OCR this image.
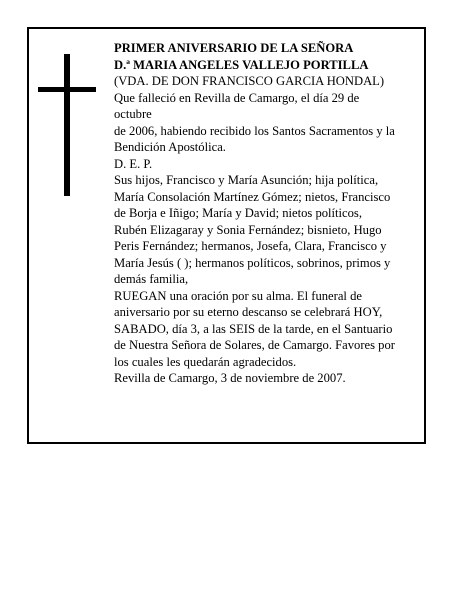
PRIMER ANIVERSARIO DE LA SEÑORA
D.ª MARIA ANGELES VALLEJO PORTILLA
(VDA. DE DON FRANCISCO GARCIA HONDAL)
Que falleció en Revilla de Camargo, el día 29 de
octubre
de 2006, habiendo recibido los Santos Sacramentos y la
Bendición Apostólica.
D. E. P.
Sus hijos, Francisco y María Asunción; hija política,
María Consolación Martínez Gómez; nietos, Francisco
de Borja e Iñigo; María y David; nietos políticos,
Rubén Elizagaray y Sonia Fernández; bisnieto, Hugo
Peris Fernández; hermanos, Josefa, Clara, Francisco y
María Jesús ( ); hermanos políticos, sobrinos, primos y
demás familia,
RUEGAN una oración por su alma. El funeral de
aniversario por su eterno descanso se celebrará HOY,
SABADO, día 3, a las SEIS de la tarde, en el Santuario
de Nuestra Señora de Solares, de Camargo. Favores por
los cuales les quedarán agradecidos.
Revilla de Camargo, 3 de noviembre de 2007.
